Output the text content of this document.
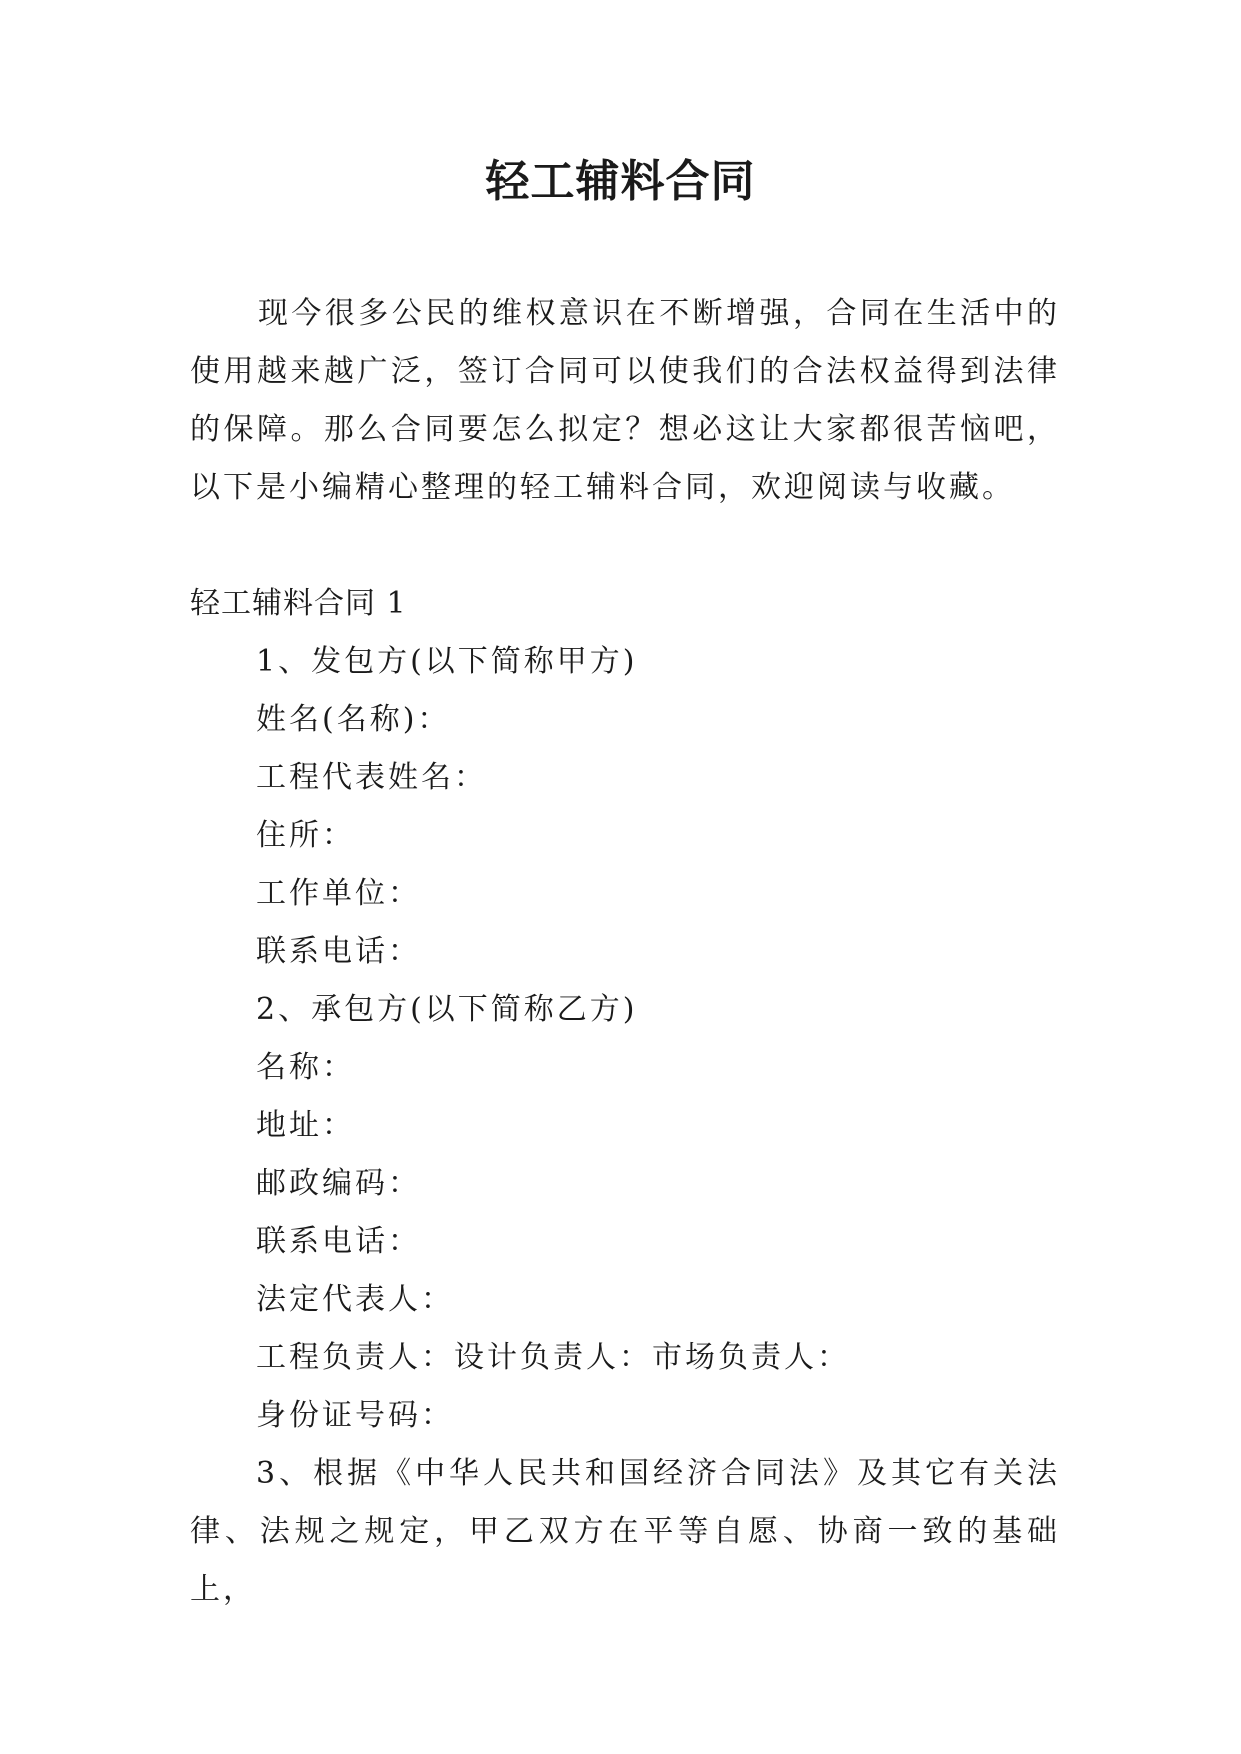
轻工辅料合同

现今很多公民的维权意识在不断增强，合同在生活中的使用越来越广泛，签订合同可以使我们的合法权益得到法律的保障。那么合同要怎么拟定？想必这让大家都很苦恼吧，以下是小编精心整理的轻工辅料合同，欢迎阅读与收藏。

轻工辅料合同 1
1、发包方(以下简称甲方)
姓名(名称)：
工程代表姓名：
住所：
工作单位：
联系电话：
2、承包方(以下简称乙方)
名称：
地址：
邮政编码：
联系电话：
法定代表人：
工程负责人：设计负责人：市场负责人：
身份证号码：

3、根据《中华人民共和国经济合同法》及其它有关法律、法规之规定，甲乙双方在平等自愿、协商一致的基础上，
